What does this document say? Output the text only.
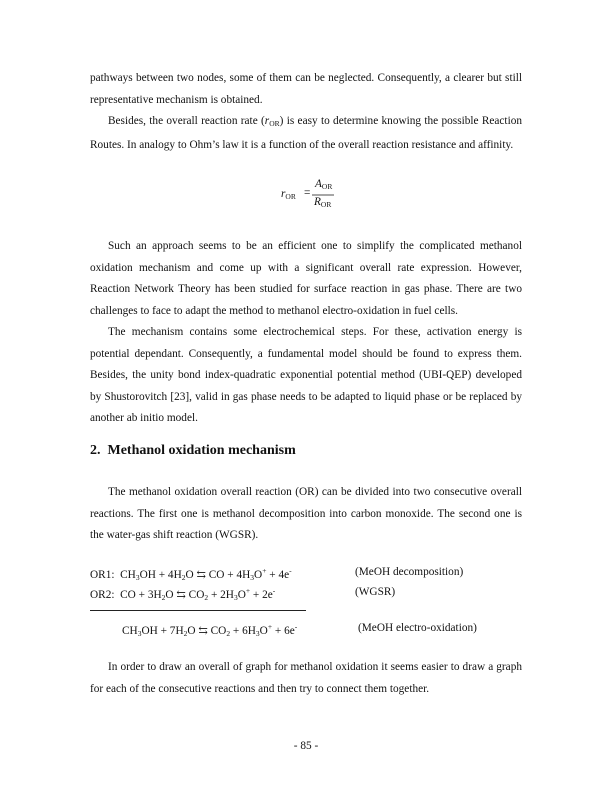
pathways between two nodes, some of them can be neglected. Consequently, a clearer but still representative mechanism is obtained.

Besides, the overall reaction rate $(r_{OR})$ is easy to determine knowing the possible Reaction Routes. In analogy to Ohm’s law it is a function of the overall reaction resistance and affinity.

$r_{OR}$ =
$A_{OR}$
$R_{OR}$

Such an approach seems to be an efficient one to simplify the complicated methanol oxidation mechanism and come up with a significant overall rate expression. However, Reaction Network Theory has been studied for surface reaction in gas phase. There are two challenges to face to adapt the method to methanol electro-oxidation in fuel cells.

The mechanism contains some electrochemical steps. For these, activation energy is potential dependant. Consequently, a fundamental model should be found to express them. Besides, the unity bond index-quadratic exponential potential method (UBI-QEP) developed by Shustorovitch [23], valid in gas phase needs to be adapted to liquid phase or be replaced by another ab initio model.

2. Methanol oxidation mechanism

The methanol oxidation overall reaction (OR) can be divided into two consecutive overall reactions. The first one is methanol decomposition into carbon monoxide. The second one is the water-gas shift reaction (WGSR).

OR1:  $CH_3OH + 4H_2O$ ⇆ CO + $4H_3O^+ + 4e^-$	(MeOH decomposition)
OR2:  CO + $3H_2O$ ⇆ $CO_2 + 2H_3O^+ + 2e^-$	(WGSR)
$CH_3OH + 7H_2O$ ⇆ $CO_2 + 6H_3O^+ + 6e^-$	(MeOH electro-oxidation)

In order to draw an overall of graph for methanol oxidation it seems easier to draw a graph for each of the consecutive reactions and then try to connect them together.

- 85 -
